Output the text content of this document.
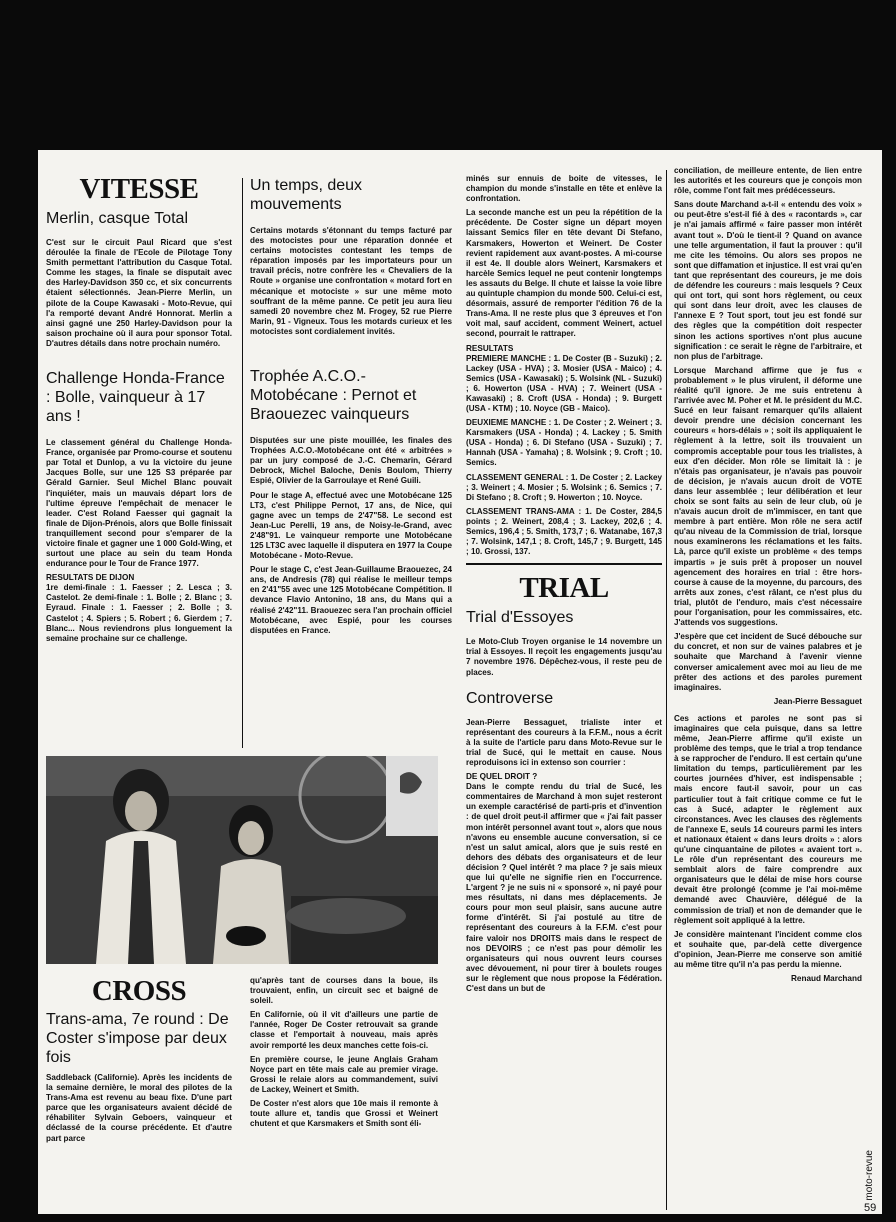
VITESSE
Merlin, casque Total

C'est sur le circuit Paul Ricard que s'est déroulée la finale de l'Ecole de Pilotage Tony Smith permettant l'attribution du Casque Total. Comme les stages, la finale se disputait avec des Harley-Davidson 350 cc, et six concurrents étaient sélectionnés. Jean-Pierre Merlin, un pilote de la Coupe Kawasaki - Moto-Revue, qui l'a remporté devant André Honnorat. Merlin a ainsi gagné une 250 Harley-Davidson pour la saison prochaine où il aura pour sponsor Total. D'autres détails dans notre prochain numéro.

Challenge Honda-France : Bolle, vainqueur à 17 ans !

Le classement général du Challenge Honda-France, organisée par Promo-course et soutenu par Total et Dunlop, a vu la victoire du jeune Jacques Bolle, sur une 125 S3 préparée par Gérald Garnier. Seul Michel Blanc pouvait l'inquiéter, mais un mauvais départ lors de l'ultime épreuve l'empêchait de menacer le leader. C'est Roland Faesser qui gagnait la finale de Dijon-Prénois, alors que Bolle finissait tranquillement second pour s'emparer de la victoire finale et gagner une 1 000 Gold-Wing, et surtout une place au sein du team Honda endurance pour le Tour de France 1977.

RESULTATS DE DIJON

1re demi-finale : 1. Faesser ; 2. Lesca ; 3. Castelot. 2e demi-finale : 1. Bolle ; 2. Blanc ; 3. Eyraud. Finale : 1. Faesser ; 2. Bolle ; 3. Castelot ; 4. Spiers ; 5. Robert ; 6. Gierdem ; 7. Blanc... Nous reviendrons plus longuement la semaine prochaine sur ce challenge.

Un temps, deux mouvements

Certains motards s'étonnant du temps facturé par des motocistes pour une réparation donnée et certains motocistes contestant les temps de réparation imposés par les importateurs pour un travail précis, notre confrère les « Chevaliers de la Route » organise une confrontation « motard fort en mécanique et motociste » sur une même moto souffrant de la même panne. Ce petit jeu aura lieu samedi 20 novembre chez M. Frogey, 52 rue Pierre Marin, 91 - Vigneux. Tous les motards curieux et les motocistes sont cordialement invités.

Trophée A.C.O.-Motobécane : Pernot et Braouezec vainqueurs

Disputées sur une piste mouillée, les finales des Trophées A.C.O.-Motobécane ont été « arbitrées » par un jury composé de J.-C. Chemarin, Gérard Debrock, Michel Baloche, Denis Boulom, Thierry Espié, Olivier de la Garroulaye et René Guili.

Pour le stage A, effectué avec une Motobécane 125 LT3, c'est Philippe Pernot, 17 ans, de Nice, qui gagne avec un temps de 2'47"58. Le second est Jean-Luc Perelli, 19 ans, de Noisy-le-Grand, avec 2'48"91. Le vainqueur remporte une Motobécane 125 LT3C avec laquelle il disputera en 1977 la Coupe Motobécane - Moto-Revue.

Pour le stage C, c'est Jean-Guillaume Braouezec, 24 ans, de Andresis (78) qui réalise le meilleur temps en 2'41"55 avec une 125 Motobécane Compétition. Il devance Flavio Antonino, 18 ans, du Mans qui a réalisé 2'42"11. Braouezec sera l'an prochain officiel Motobécane, avec Espié, pour les courses disputées en France.

minés sur ennuis de boite de vitesses, le champion du monde s'installe en tête et enlève la confrontation.

La seconde manche est un peu la répétition de la précédente. De Coster signe un départ moyen laissant Semics filer en tête devant Di Stefano, Karsmakers, Howerton et Weinert. De Coster revient rapidement aux avant-postes. A mi-course il est 4e. Il double alors Weinert, Karsmakers et harcèle Semics lequel ne peut contenir longtemps les assauts du Belge. Il chute et laisse la voie libre au quintuple champion du monde 500. Celui-ci est, désormais, assuré de remporter l'édition 76 de la Trans-Ama. Il ne reste plus que 3 épreuves et l'on voit mal, sauf accident, comment Weinert, actuel second, pourrait le rattraper.

RESULTATS

PREMIERE MANCHE : 1. De Coster (B - Suzuki) ; 2. Lackey (USA - HVA) ; 3. Mosier (USA - Maico) ; 4. Semics (USA - Kawasaki) ; 5. Wolsink (NL - Suzuki) ; 6. Howerton (USA - HVA) ; 7. Weinert (USA - Kawasaki) ; 8. Croft (USA - Honda) ; 9. Burgett (USA - KTM) ; 10. Noyce (GB - Maico).

DEUXIEME MANCHE : 1. De Coster ; 2. Weinert ; 3. Karsmakers (USA - Honda) ; 4. Lackey ; 5. Smith (USA - Honda) ; 6. Di Stefano (USA - Suzuki) ; 7. Hannah (USA - Yamaha) ; 8. Wolsink ; 9. Croft ; 10. Semics.

CLASSEMENT GENERAL : 1. De Coster ; 2. Lackey ; 3. Weinert ; 4. Mosier ; 5. Wolsink ; 6. Semics ; 7. Di Stefano ; 8. Croft ; 9. Howerton ; 10. Noyce.

CLASSEMENT TRANS-AMA : 1. De Coster, 284,5 points ; 2. Weinert, 208,4 ; 3. Lackey, 202,6 ; 4. Semics, 196,4 ; 5. Smith, 173,7 ; 6. Watanabe, 167,3 ; 7. Wolsink, 147,1 ; 8. Croft, 145,7 ; 9. Burgett, 145 ; 10. Grossi, 137.

TRIAL
Trial d'Essoyes

Le Moto-Club Troyen organise le 14 novembre un trial à Essoyes. Il reçoit les engagements jusqu'au 7 novembre 1976. Dépêchez-vous, il reste peu de places.

Controverse

Jean-Pierre Bessaguet, trialiste inter et représentant des coureurs à la F.F.M., nous a écrit à la suite de l'article paru dans Moto-Revue sur le trial de Sucé, qui le mettait en cause. Nous reproduisons ici in extenso son courrier :

DE QUEL DROIT ?

Dans le compte rendu du trial de Sucé, les commentaires de Marchand à mon sujet resteront un exemple caractérisé de parti-pris et d'invention : de quel droit peut-il affirmer que « j'ai fait passer mon intérêt personnel avant tout », alors que nous n'avons eu ensemble aucune conversation, si ce n'est un salut amical, alors que je suis resté en dehors des débats des organisateurs et de leur décision ? Quel intérêt ? ma place ? je sais mieux que lui qu'elle ne signifie rien en l'occurrence. L'argent ? je ne suis ni « sponsoré », ni payé pour mes résultats, ni dans mes déplacements. Je cours pour mon seul plaisir, sans aucune autre forme d'intérêt. Si j'ai postulé au titre de représentant des coureurs à la F.F.M. c'est pour faire valoir nos DROITS mais dans le respect de nos DEVOIRS ; ce n'est pas pour démolir les organisateurs qui nous ouvrent leurs courses avec dévouement, ni pour tirer à boulets rouges sur le règlement que nous propose la Fédération. C'est dans un but de

conciliation, de meilleure entente, de lien entre les autorités et les coureurs que je conçois mon rôle, comme l'ont fait mes prédécesseurs.

Sans doute Marchand a-t-il « entendu des voix » ou peut-être s'est-il fié à des « racontards », car je n'ai jamais affirmé « faire passer mon intérêt avant tout ». D'où le tient-il ? Quand on avance une telle argumentation, il faut la prouver : qu'il me cite les témoins. Ou alors ses propos ne sont que diffamation et injustice. Il est vrai qu'en tant que représentant des coureurs, je me dois de défendre les coureurs : mais lesquels ? Ceux qui ont tort, qui sont hors règlement, ou ceux qui sont dans leur droit, avec les clauses de l'annexe E ? Tout sport, tout jeu est fondé sur des règles que la compétition doit respecter sinon les actions sportives n'ont plus aucune signification : ce serait le règne de l'arbitraire, et non plus de l'arbitrage.

Lorsque Marchand affirme que je fus « probablement » le plus virulent, il déforme une réalité qu'il ignore. Je me suis entretenu à l'arrivée avec M. Poher et M. le président du M.C. Sucé en leur faisant remarquer qu'ils allaient devoir prendre une décision concernant les coureurs « hors-délais » ; soit ils appliquaient le règlement à la lettre, soit ils trouvaient un compromis acceptable pour tous les trialistes, à eux d'en décider. Mon rôle se limitait là : je n'étais pas organisateur, je n'avais pas pouvoir de décision, je n'avais aucun droit de VOTE dans leur assemblée ; leur délibération et leur choix se sont faits au sein de leur club, où je n'avais aucun droit de m'immiscer, en tant que membre à part entière. Mon rôle ne sera actif qu'au niveau de la Commission de trial, lorsque nous examinerons les réclamations et les faits. Là, parce qu'il existe un problème « des temps impartis » je suis prêt à proposer un nouvel agencement des horaires en trial : être hors-course à cause de la moyenne, du parcours, des arrêts aux zones, c'est râlant, ce n'est plus du trial, plutôt de l'enduro, mais c'est nécessaire pour l'organisation, pour les commissaires, etc. J'attends vos suggestions.

J'espère que cet incident de Sucé débouche sur du concret, et non sur de vaines palabres et je souhaite que Marchand à l'avenir vienne converser amicalement avec moi au lieu de me prêter des actions et des paroles purement imaginaires.

Jean-Pierre Bessaguet

Ces actions et paroles ne sont pas si imaginaires que cela puisque, dans sa lettre même, Jean-Pierre affirme qu'il existe un problème des temps, que le trial a trop tendance à se rapprocher de l'enduro. Il est certain qu'une limitation du temps, particulièrement par les courtes journées d'hiver, est indispensable ; mais encore faut-il savoir, pour un cas particulier tout à fait critique comme ce fut le cas à Sucé, adapter le règlement aux circonstances. Avec les clauses des règlements de l'annexe E, seuls 14 coureurs parmi les inters et nationaux étaient « dans leurs droits » : alors qu'une cinquantaine de pilotes « avaient tort ». Le rôle d'un représentant des coureurs me semblait alors de faire comprendre aux organisateurs que le délai de mise hors course devait être prolongé (comme je l'ai moi-même demandé avec Chauvière, délégué de la commission de trial) et non de demander que le règlement soit appliqué à la lettre.

Je considère maintenant l'incident comme clos et souhaite que, par-delà cette divergence d'opinion, Jean-Pierre me conserve son amitié au même titre qu'il n'a pas perdu la mienne.

Renaud Marchand
CROSS
Trans-ama, 7e round : De Coster s'impose par deux fois

Saddleback (Californie). Après les incidents de la semaine dernière, le moral des pilotes de la Trans-Ama est revenu au beau fixe. D'une part parce que les organisateurs avaient décidé de réhabiliter Sylvain Geboers, vainqueur et déclassé de la course précédente. Et d'autre part parce

qu'après tant de courses dans la boue, ils trouvaient, enfin, un circuit sec et baigné de soleil.

En Californie, où il vit d'ailleurs une partie de l'année, Roger De Coster retrouvait sa grande classe et l'emportait à nouveau, mais après avoir remporté les deux manches cette fois-ci.

En première course, le jeune Anglais Graham Noyce part en tête mais cale au premier virage. Grossi le relaie alors au commandement, suivi de Lackey, Weinert et Smith.

De Coster n'est alors que 10e mais il remonte à toute allure et, tandis que Grossi et Weinert chutent et que Karsmakers et Smith sont éli-

moto-revue
59
